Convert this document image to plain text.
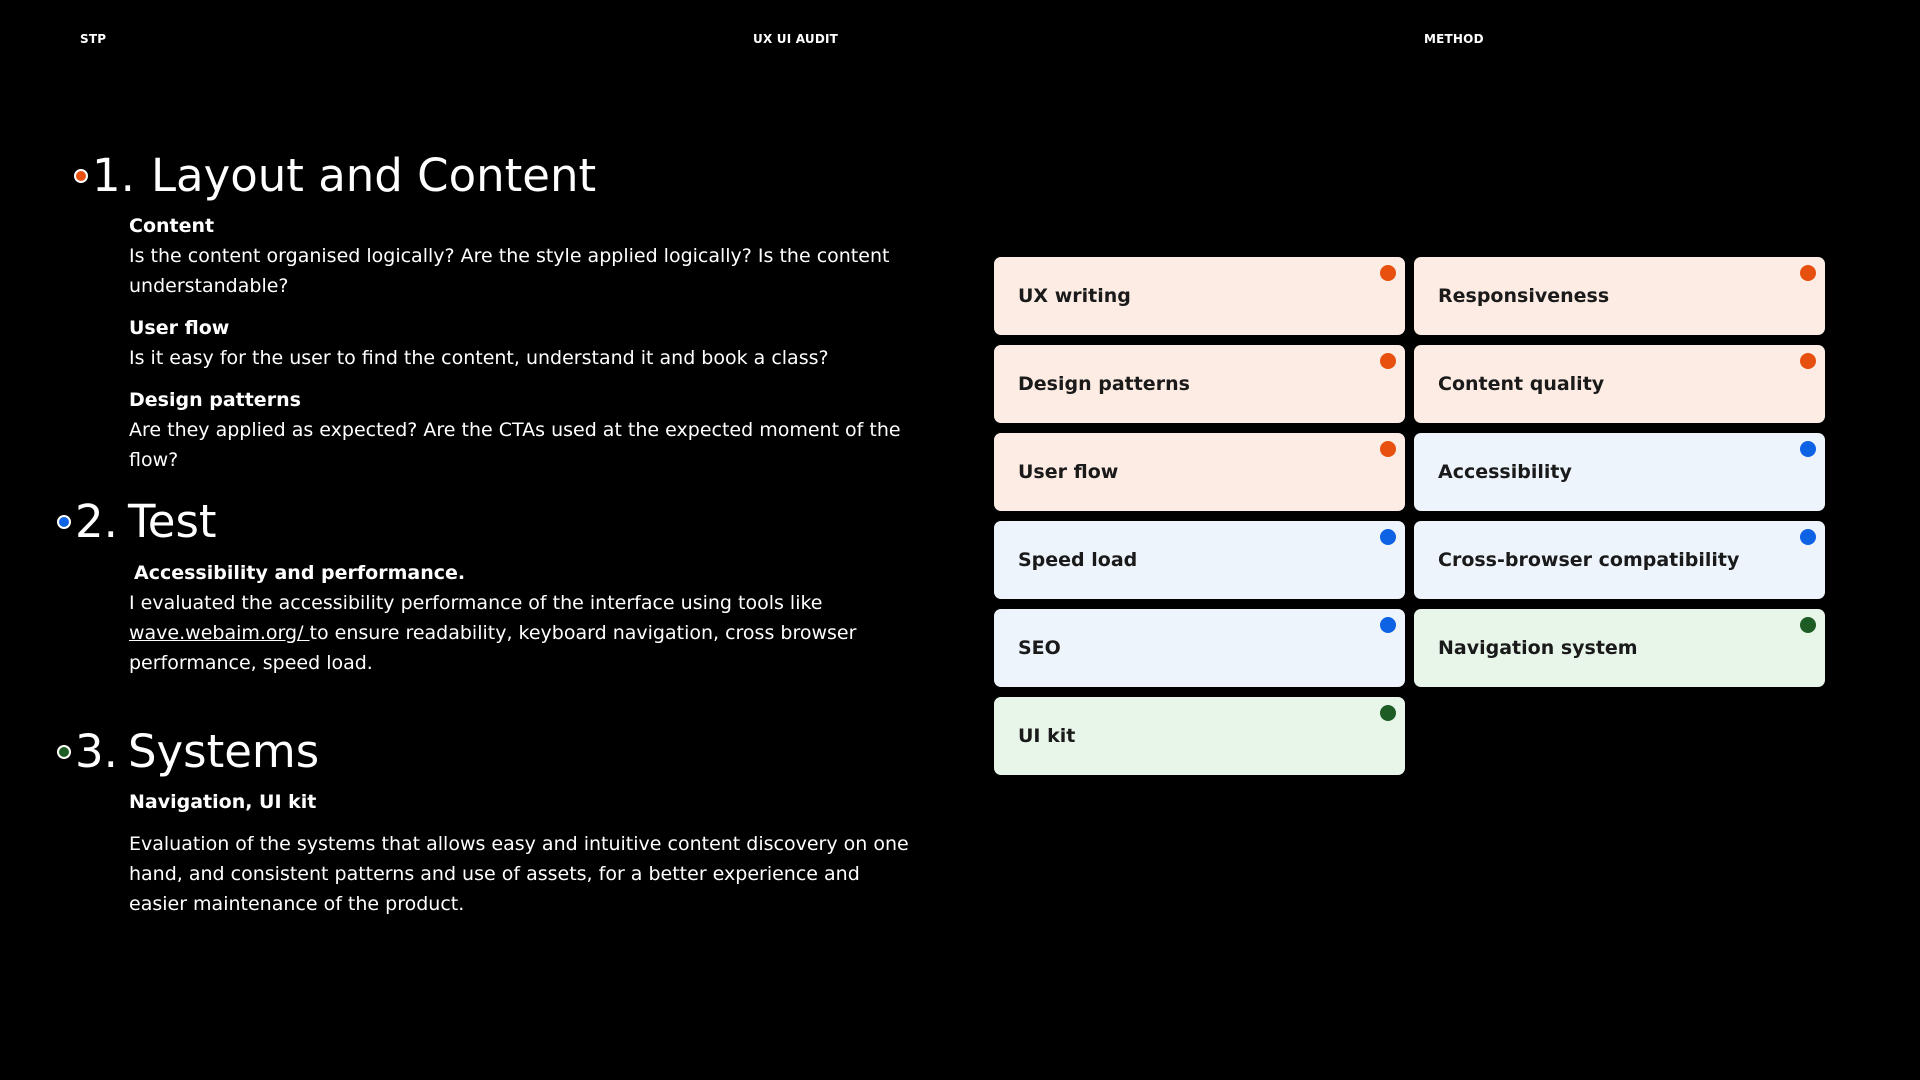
STP	UX UI AUDIT	METHOD
1. Layout and Content
Content
Is the content organised logically? Are the style applied logically? Is the content understandable?
User flow
Is it easy for the user to find the content, understand it and book a class?
Design patterns
Are they applied as expected? Are the CTAs used at the expected moment of the flow?
2. Test
Accessibility and performance.
I evaluated the accessibility performance of the interface using tools like wave.webaim.org/ to ensure readability, keyboard navigation, cross browser performance, speed load.
3. Systems
Navigation, UI kit
Evaluation of the systems that allows easy and intuitive content discovery on one hand, and consistent patterns and use of assets, for a better experience and easier maintenance of the product.
UX writing	Responsiveness
Design patterns	Content quality
User flow	Accessibility
Speed load	Cross-browser compatibility
SEO	Navigation system
UI kit
